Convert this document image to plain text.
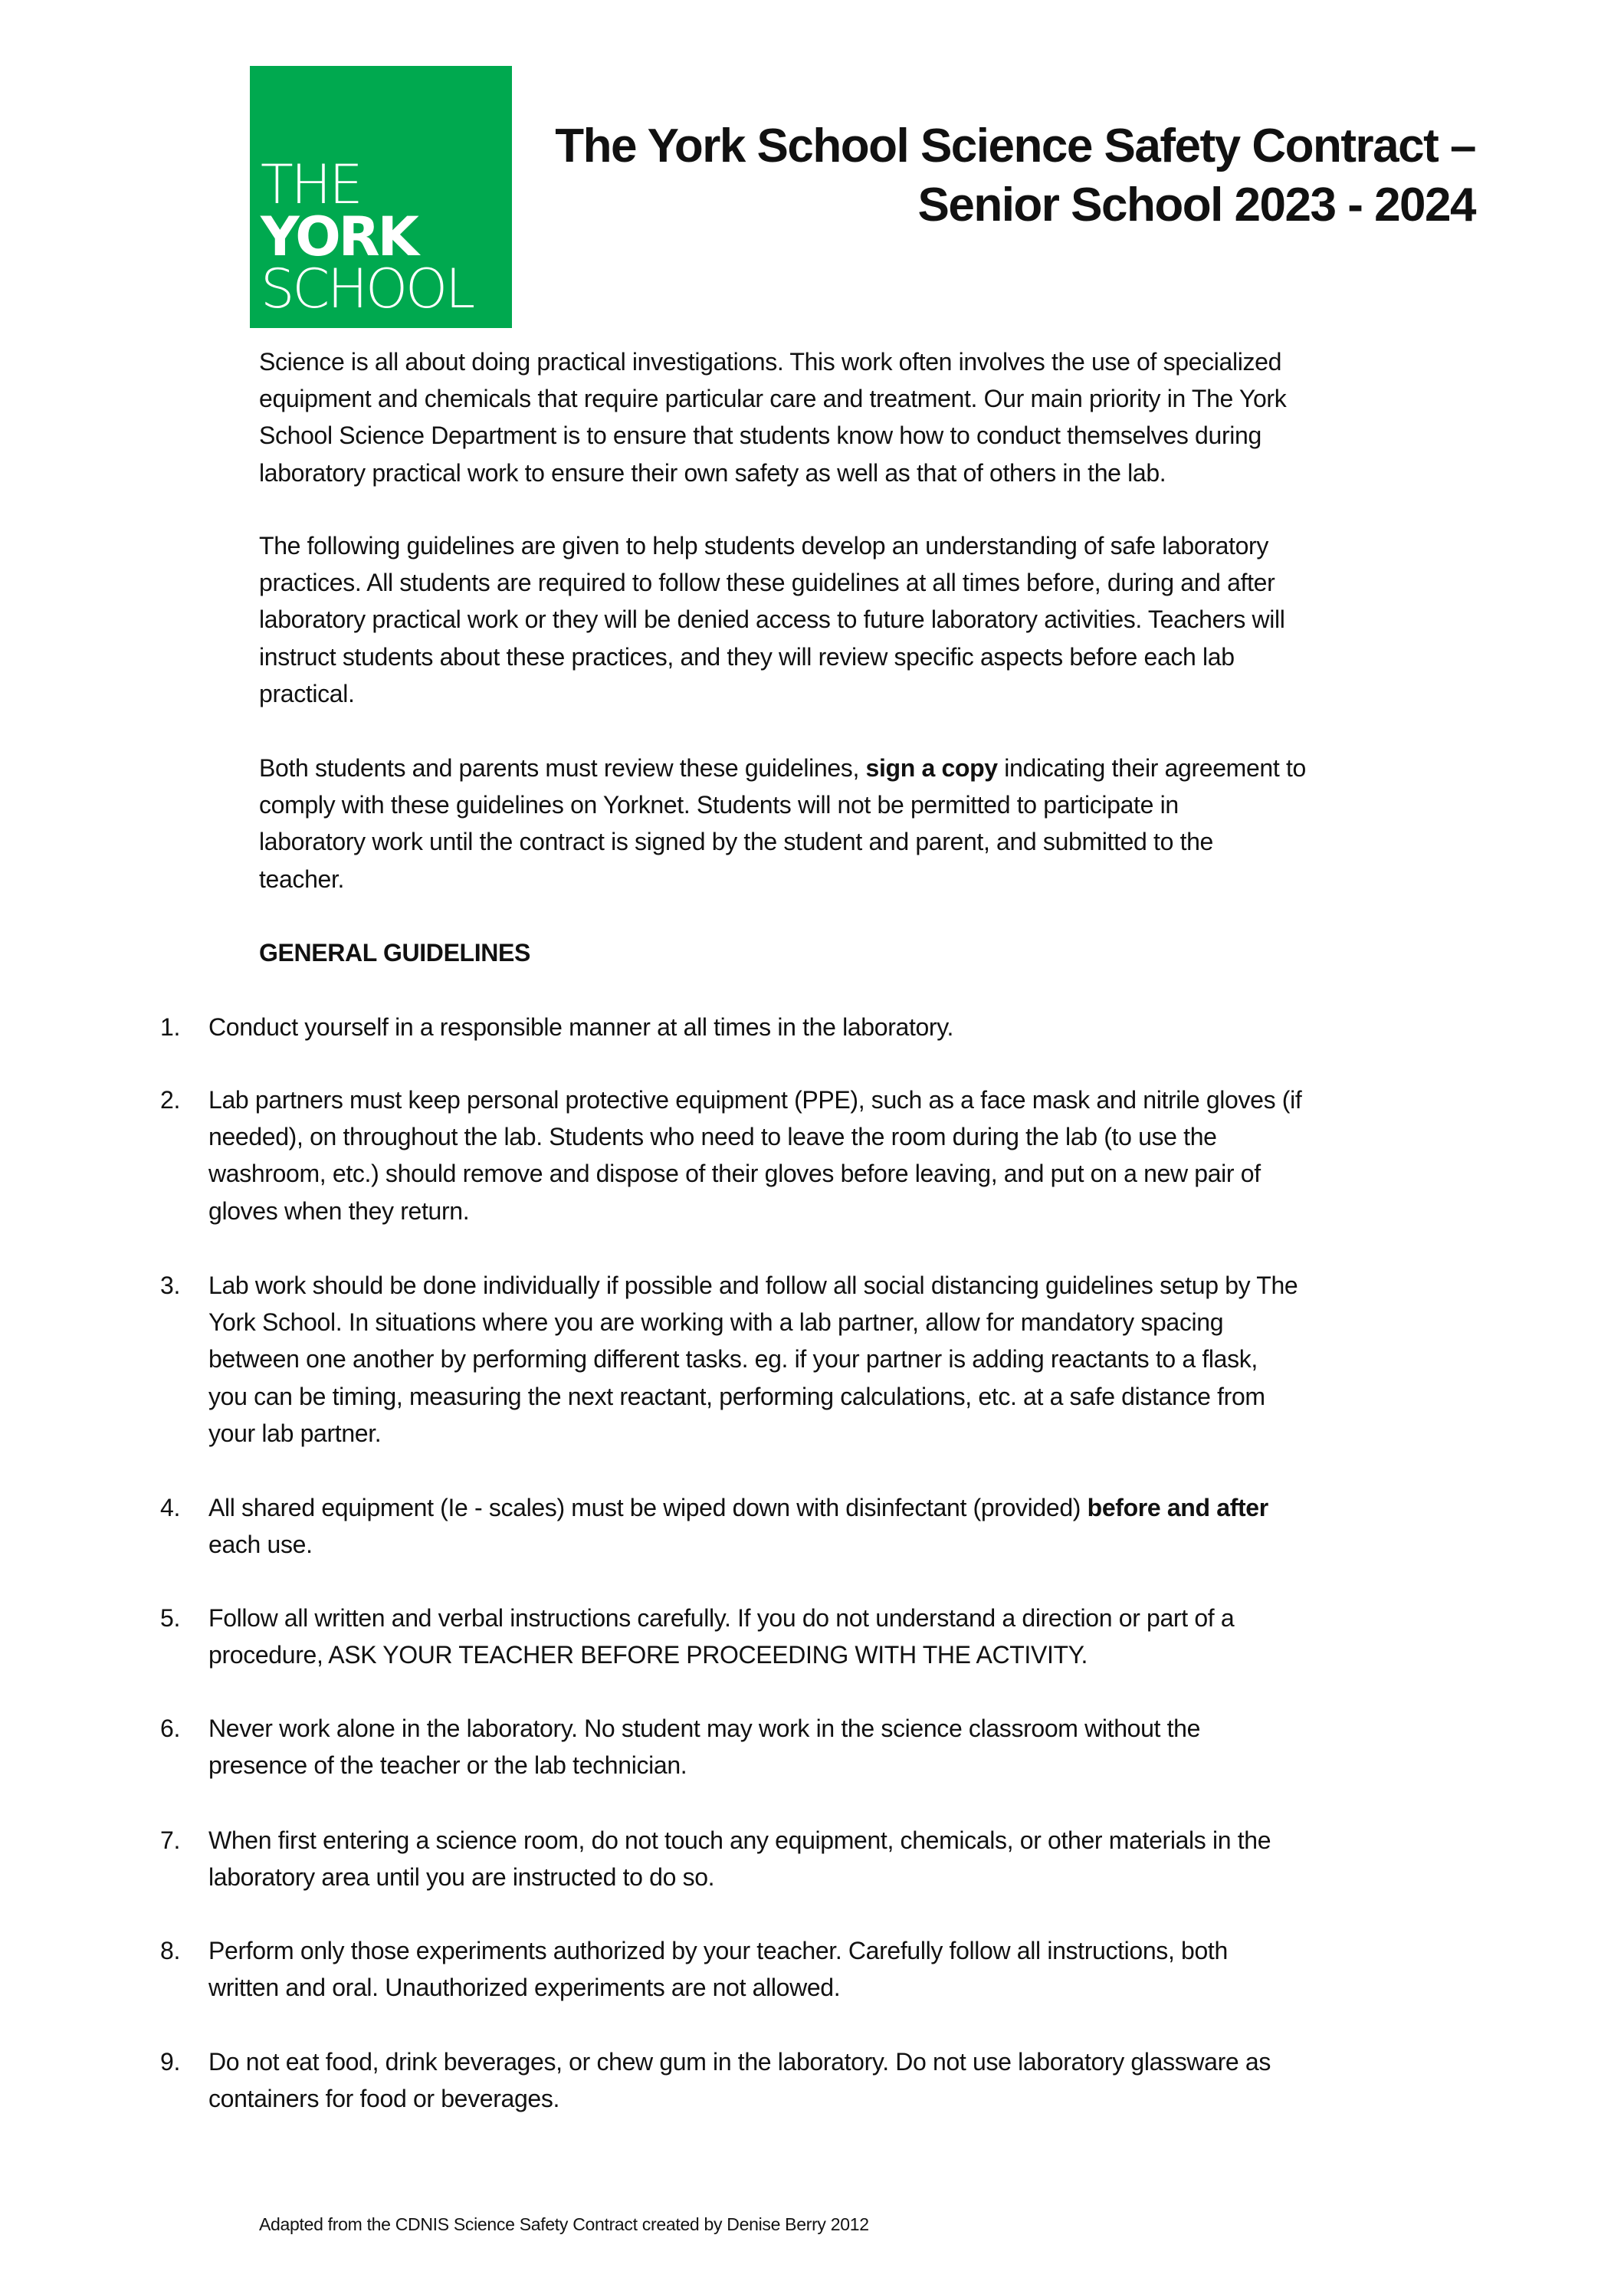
THE
YORK
SCHOOL
The York School Science Safety Contract –
Senior School 2023 - 2024
Science is all about doing practical investigations. This work often involves the use of specialized
equipment and chemicals that require particular care and treatment. Our main priority in The York
School Science Department is to ensure that students know how to conduct themselves during
laboratory practical work to ensure their own safety as well as that of others in the lab.
The following guidelines are given to help students develop an understanding of safe laboratory
practices. All students are required to follow these guidelines at all times before, during and after
laboratory practical work or they will be denied access to future laboratory activities. Teachers will
instruct students about these practices, and they will review specific aspects before each lab
practical.
Both students and parents must review these guidelines, sign a copy indicating their agreement to
comply with these guidelines on Yorknet. Students will not be permitted to participate in
laboratory work until the contract is signed by the student and parent, and submitted to the
teacher.
GENERAL GUIDELINES
1. Conduct yourself in a responsible manner at all times in the laboratory.
2. Lab partners must keep personal protective equipment (PPE), such as a face mask and nitrile gloves (if
needed), on throughout the lab. Students who need to leave the room during the lab (to use the
washroom, etc.) should remove and dispose of their gloves before leaving, and put on a new pair of
gloves when they return.
3. Lab work should be done individually if possible and follow all social distancing guidelines setup by The
York School. In situations where you are working with a lab partner, allow for mandatory spacing
between one another by performing different tasks. eg. if your partner is adding reactants to a flask,
you can be timing, measuring the next reactant, performing calculations, etc. at a safe distance from
your lab partner.
4. All shared equipment (Ie - scales) must be wiped down with disinfectant (provided) before and after
each use.
5. Follow all written and verbal instructions carefully. If you do not understand a direction or part of a
procedure, ASK YOUR TEACHER BEFORE PROCEEDING WITH THE ACTIVITY.
6. Never work alone in the laboratory. No student may work in the science classroom without the
presence of the teacher or the lab technician.
7. When first entering a science room, do not touch any equipment, chemicals, or other materials in the
laboratory area until you are instructed to do so.
8. Perform only those experiments authorized by your teacher. Carefully follow all instructions, both
written and oral. Unauthorized experiments are not allowed.
9. Do not eat food, drink beverages, or chew gum in the laboratory. Do not use laboratory glassware as
containers for food or beverages.
Adapted from the CDNIS Science Safety Contract created by Denise Berry 2012
